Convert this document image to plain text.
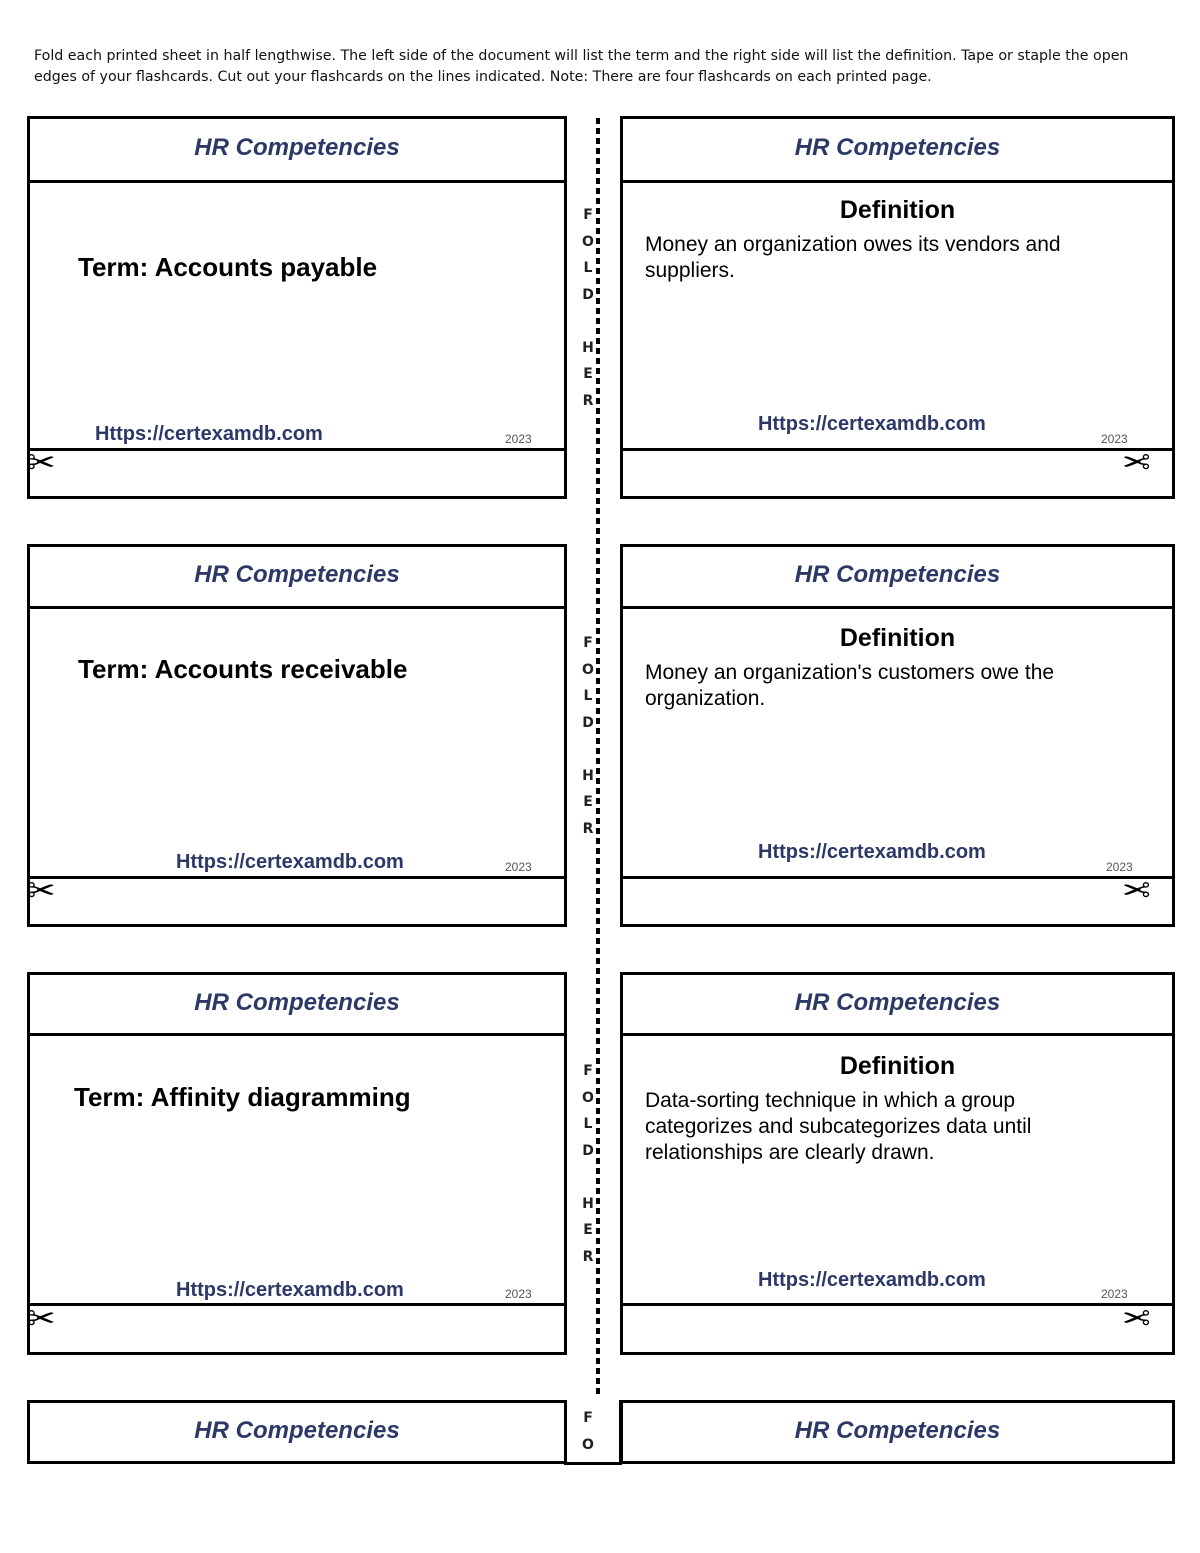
Fold each printed sheet in half lengthwise. The left side of the document will list the term and the right side will list the definition. Tape or staple the open edges of your flashcards. Cut out your flashcards on the lines indicated. Note: There are four flashcards on each printed page.
HR Competencies
Term: Accounts payable
Https://certexamdb.com	2023
✂
HR Competencies
Definition
Money an organization owes its vendors and suppliers.
Https://certexamdb.com
2023
✂
F
O
L
D

H
E
R
HR Competencies
Term: Accounts receivable
Https://certexamdb.com	2023
✂
HR Competencies
Definition
Money an organization's customers owe the organization.
Https://certexamdb.com
2023
✂
F
O
L
D

H
E
R
HR Competencies
Term: Affinity diagramming
Https://certexamdb.com	2023
✂
HR Competencies
Definition
Data-sorting technique in which a group categorizes and subcategorizes data until relationships are clearly drawn.
Https://certexamdb.com
2023
✂
F
O
L
D

H
E
R
HR Competencies	HR Competencies
F
O
